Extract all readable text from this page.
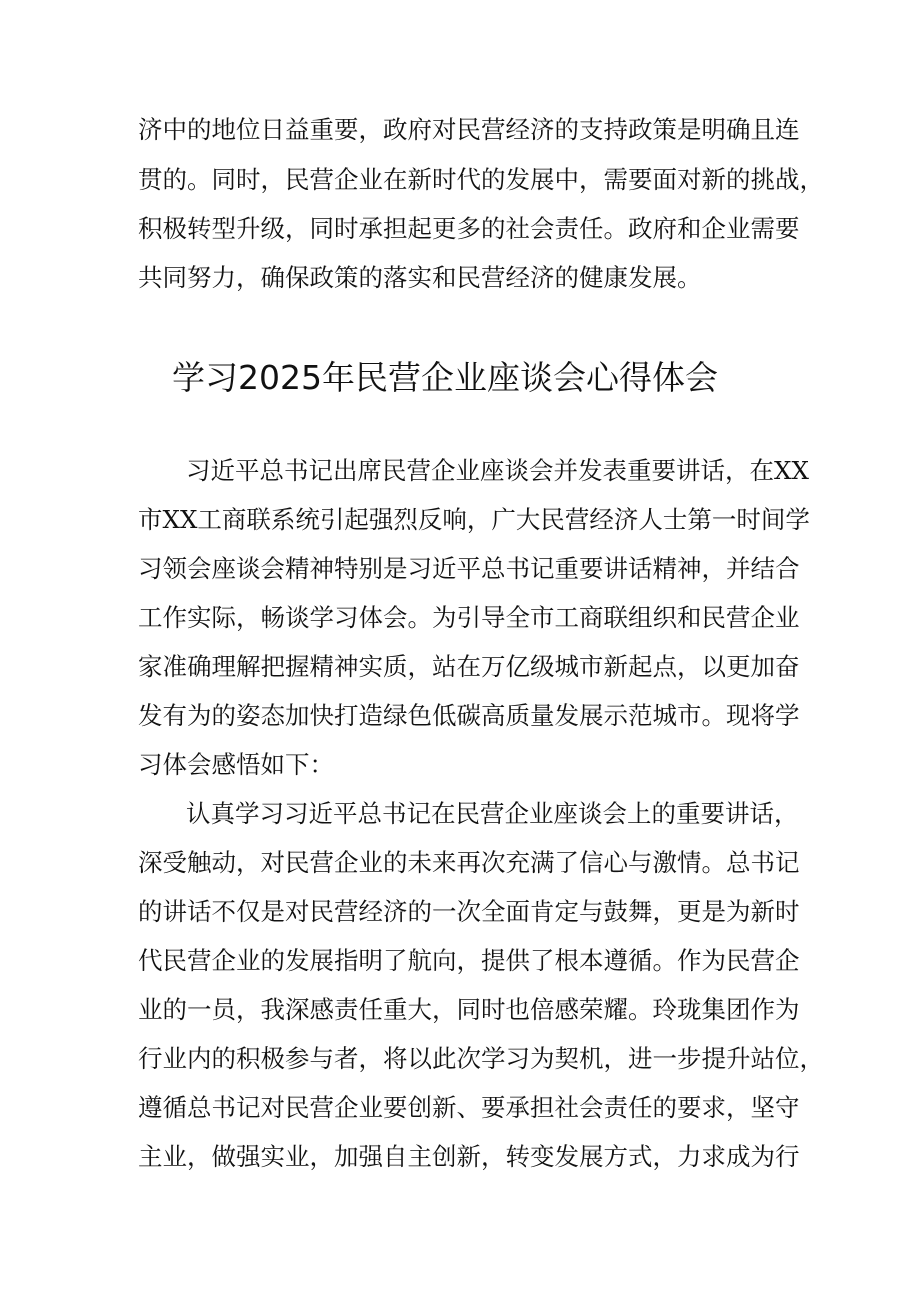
济中的地位日益重要，政府对民营经济的支持政策是明确且连
贯的。同时，民营企业在新时代的发展中，需要面对新的挑战，
积极转型升级，同时承担起更多的社会责任。政府和企业需要
共同努力，确保政策的落实和民营经济的健康发展。
学习2025年民营企业座谈会心得体会
习近平总书记出席民营企业座谈会并发表重要讲话，在XX
市XX工商联系统引起强烈反响，广大民营经济人士第一时间学
习领会座谈会精神特别是习近平总书记重要讲话精神，并结合
工作实际，畅谈学习体会。为引导全市工商联组织和民营企业
家准确理解把握精神实质，站在万亿级城市新起点，以更加奋
发有为的姿态加快打造绿色低碳高质量发展示范城市。现将学
习体会感悟如下：
认真学习习近平总书记在民营企业座谈会上的重要讲话，
深受触动，对民营企业的未来再次充满了信心与激情。总书记
的讲话不仅是对民营经济的一次全面肯定与鼓舞，更是为新时
代民营企业的发展指明了航向，提供了根本遵循。作为民营企
业的一员，我深感责任重大，同时也倍感荣耀。玲珑集团作为
行业内的积极参与者，将以此次学习为契机，进一步提升站位，
遵循总书记对民营企业要创新、要承担社会责任的要求，坚守
主业，做强实业，加强自主创新，转变发展方式，力求成为行
